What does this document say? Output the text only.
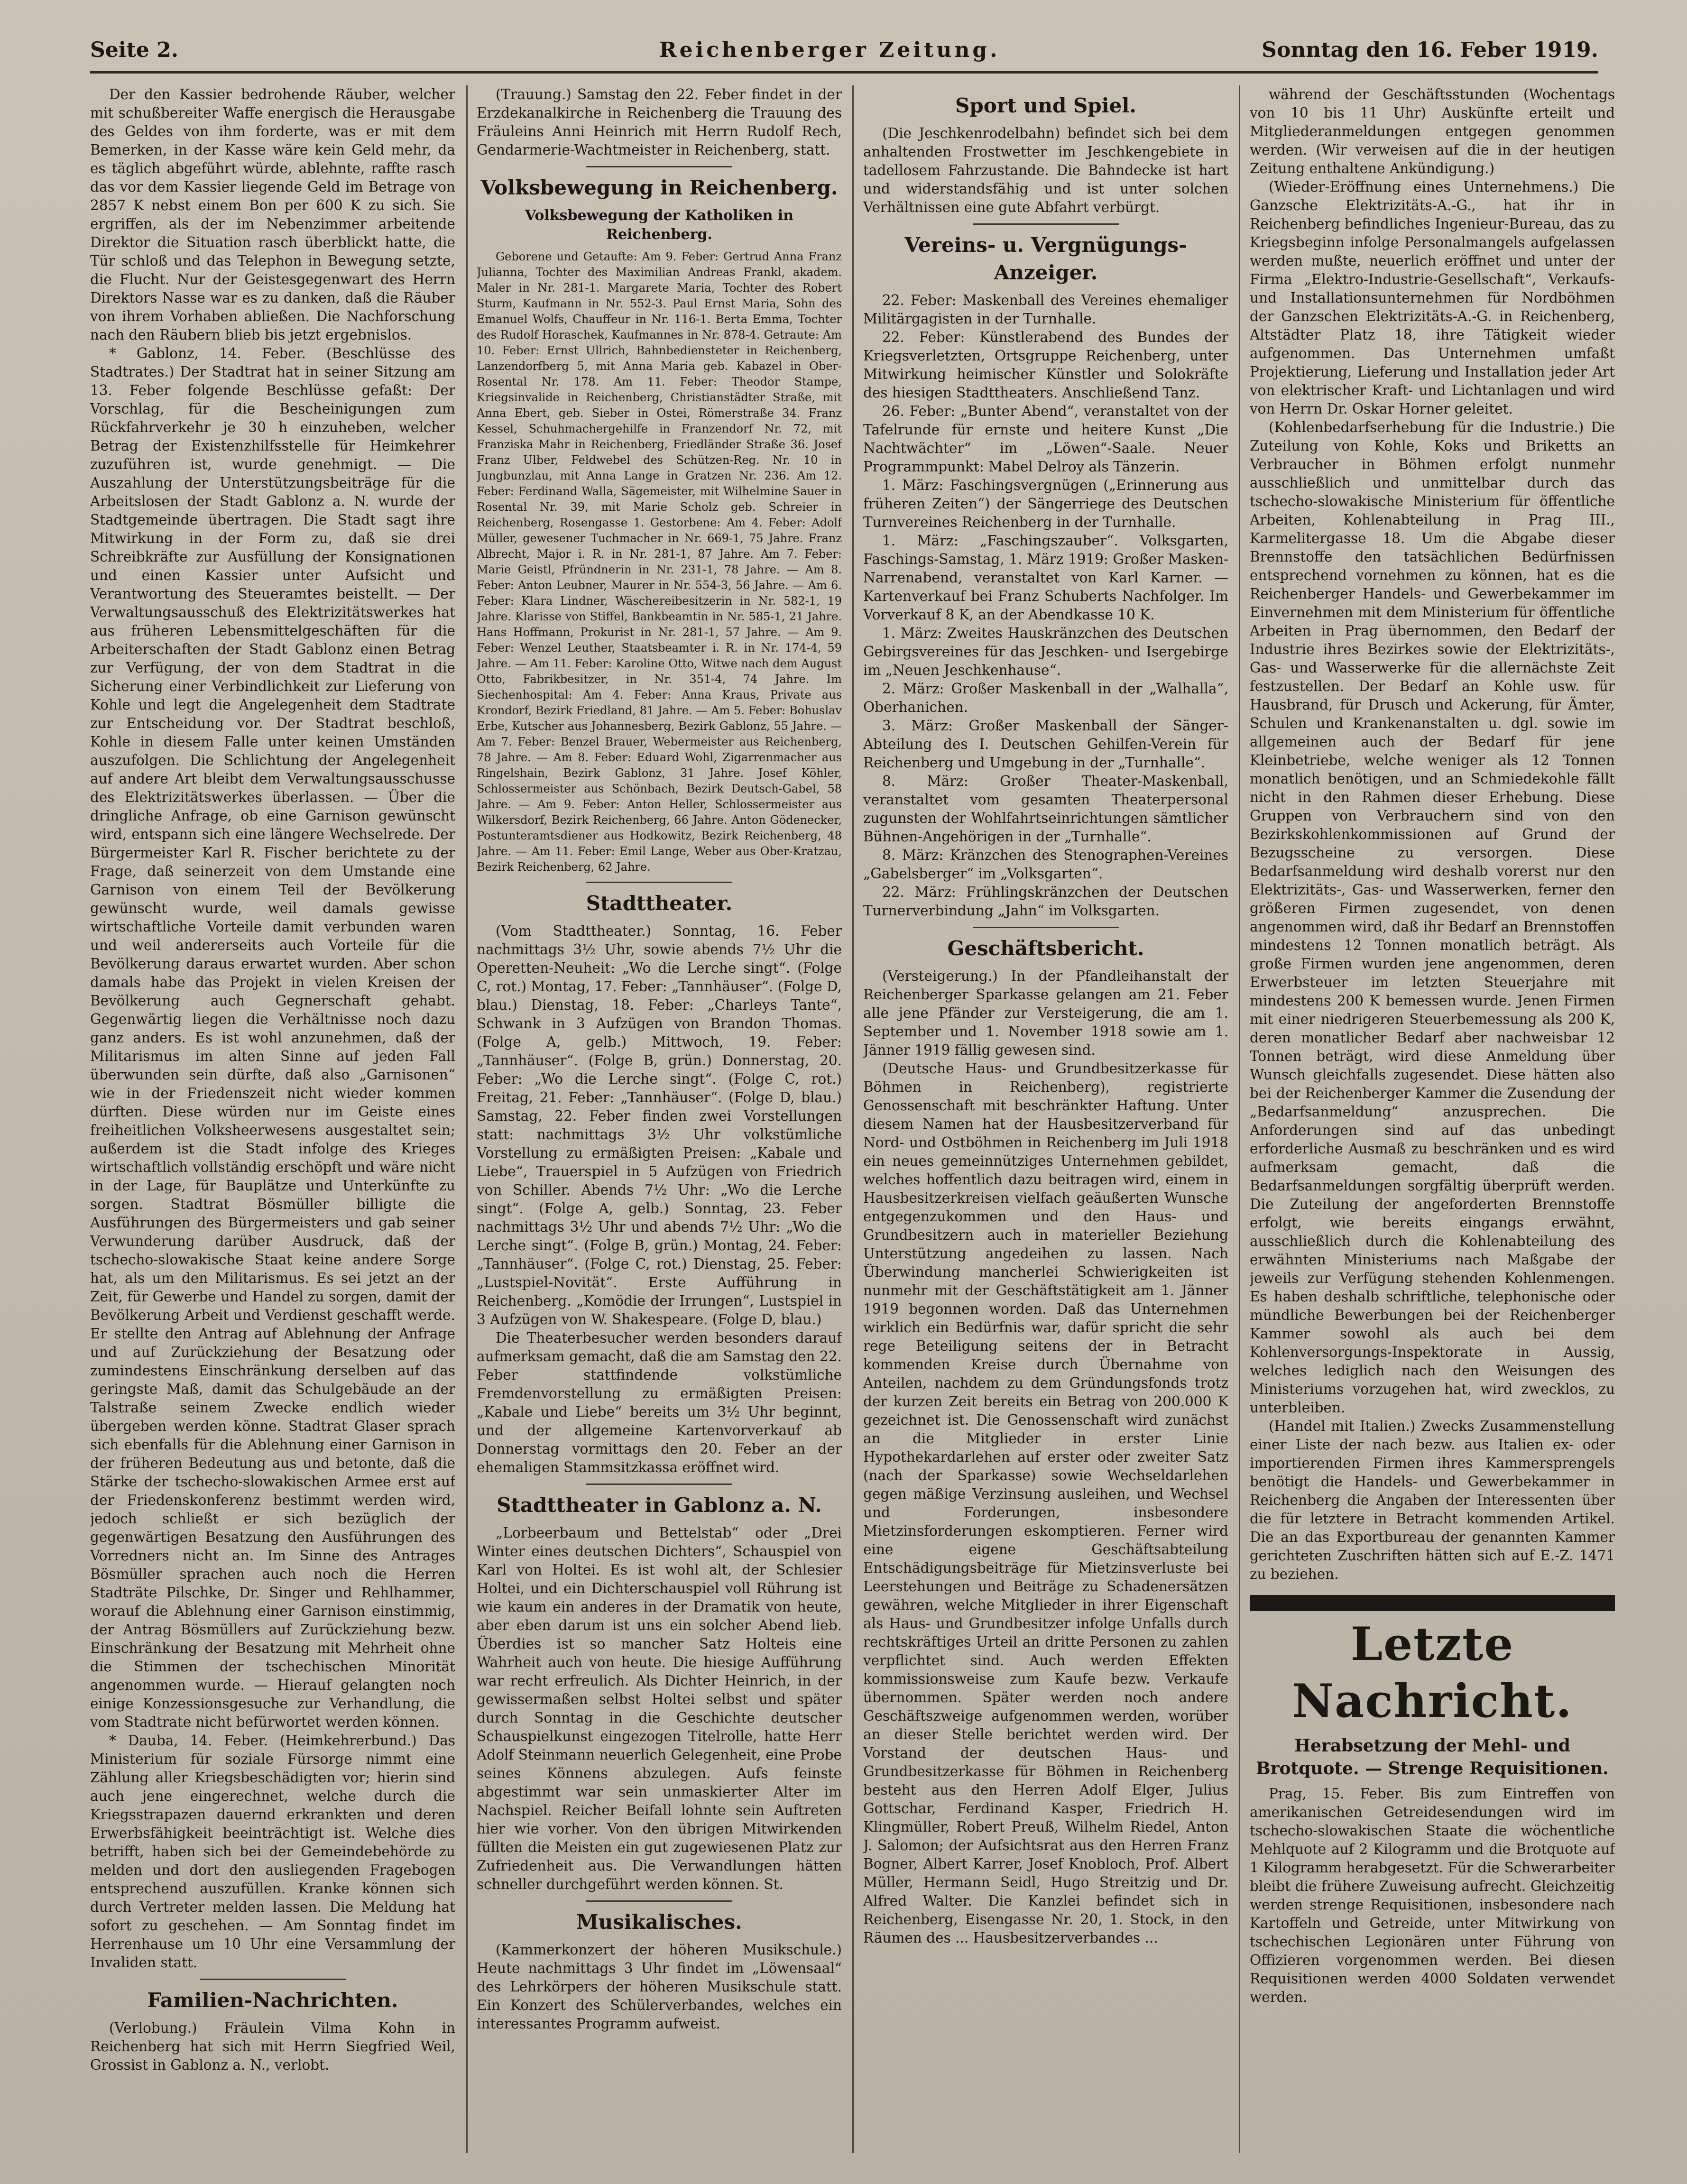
Seite 2.	Reichenberger Zeitung.	Sonntag den 16. Feber 1919.

Der den Kassier bedrohende Räuber, welcher mit schußbereiter Waffe energisch die Herausgabe des Geldes von ihm forderte, was er mit dem Bemerken, in der Kasse wäre kein Geld mehr, da es täglich abgeführt würde, ablehnte, raffte rasch das vor dem Kassier liegende Geld im Betrage von 2857 K nebst einem Bon per 600 K zu sich. Sie ergriffen, als der im Nebenzimmer arbeitende Direktor die Situation rasch überblickt hatte, die Tür schloß und das Telephon in Bewegung setzte, die Flucht. Nur der Geistesgegenwart des Herrn Direktors Nasse war es zu danken, daß die Räuber von ihrem Vorhaben abließen. Die Nachforschung nach den Räubern blieb bis jetzt ergebnislos.

* Gablonz, 14. Feber. (Beschlüsse des Stadtrates.) Der Stadtrat hat in seiner Sitzung am 13. Feber folgende Beschlüsse gefaßt: Der Vorschlag, für die Bescheinigungen zum Rückfahrverkehr je 30 h einzuheben, welcher Betrag der Existenzhilfsstelle für Heimkehrer zuzuführen ist, wurde genehmigt. — Die Auszahlung der Unterstützungsbeiträge für die Arbeitslosen der Stadt Gablonz a. N. wurde der Stadtgemeinde übertragen. Die Stadt sagt ihre Mitwirkung in der Form zu, daß sie drei Schreibkräfte zur Ausfüllung der Konsignationen und einen Kassier unter Aufsicht und Verantwortung des Steueramtes beistellt. — Der Verwaltungsausschuß des Elektrizitätswerkes hat aus früheren Lebensmittelgeschäften für die Arbeiterschaften der Stadt Gablonz einen Betrag zur Verfügung, der von dem Stadtrat in die Sicherung einer Verbindlichkeit zur Lieferung von Kohle und legt die Angelegenheit dem Stadtrate zur Entscheidung vor. Der Stadtrat beschloß, Kohle in diesem Falle unter keinen Umständen auszufolgen. Die Schlichtung der Angelegenheit auf andere Art bleibt dem Verwaltungsausschusse des Elektrizitätswerkes überlassen. — Über die dringliche Anfrage, ob eine Garnison gewünscht wird, entspann sich eine längere Wechselrede. Der Bürgermeister Karl R. Fischer berichtete zu der Frage, daß seinerzeit von dem Umstande eine Garnison von einem Teil der Bevölkerung gewünscht wurde, weil damals gewisse wirtschaftliche Vorteile damit verbunden waren und weil andererseits auch Vorteile für die Bevölkerung daraus erwartet wurden. Aber schon damals habe das Projekt in vielen Kreisen der Bevölkerung auch Gegnerschaft gehabt. Gegenwärtig liegen die Verhältnisse noch dazu ganz anders. Es ist wohl anzunehmen, daß der Militarismus im alten Sinne auf jeden Fall überwunden sein dürfte, daß also „Garnisonen“ wie in der Friedenszeit nicht wieder kommen dürften. Diese würden nur im Geiste eines freiheitlichen Volksheerwesens ausgestaltet sein; außerdem ist die Stadt infolge des Krieges wirtschaftlich vollständig erschöpft und wäre nicht in der Lage, für Bauplätze und Unterkünfte zu sorgen. Stadtrat Bösmüller billigte die Ausführungen des Bürgermeisters und gab seiner Verwunderung darüber Ausdruck, daß der tschecho-slowakische Staat keine andere Sorge hat, als um den Militarismus. Es sei jetzt an der Zeit, für Gewerbe und Handel zu sorgen, damit der Bevölkerung Arbeit und Verdienst geschafft werde. Er stellte den Antrag auf Ablehnung der Anfrage und auf Zurückziehung der Besatzung oder zumindestens Einschränkung derselben auf das geringste Maß, damit das Schulgebäude an der Talstraße seinem Zwecke endlich wieder übergeben werden könne. Stadtrat Glaser sprach sich ebenfalls für die Ablehnung einer Garnison in der früheren Bedeutung aus und betonte, daß die Stärke der tschecho-slowakischen Armee erst auf der Friedenskonferenz bestimmt werden wird, jedoch schließt er sich bezüglich der gegenwärtigen Besatzung den Ausführungen des Vorredners nicht an. Im Sinne des Antrages Bösmüller sprachen auch noch die Herren Stadträte Pilschke, Dr. Singer und Rehlhammer, worauf die Ablehnung einer Garnison einstimmig, der Antrag Bösmüllers auf Zurückziehung bezw. Einschränkung der Besatzung mit Mehrheit ohne die Stimmen der tschechischen Minorität angenommen wurde. — Hierauf gelangten noch einige Konzessionsgesuche zur Verhandlung, die vom Stadtrate nicht befürwortet werden können.

* Dauba, 14. Feber. (Heimkehrerbund.) Das Ministerium für soziale Fürsorge nimmt eine Zählung aller Kriegsbeschädigten vor; hierin sind auch jene eingerechnet, welche durch die Kriegsstrapazen dauernd erkrankten und deren Erwerbsfähigkeit beeinträchtigt ist. Welche dies betrifft, haben sich bei der Gemeindebehörde zu melden und dort den ausliegenden Fragebogen entsprechend auszufüllen. Kranke können sich durch Vertreter melden lassen. Die Meldung hat sofort zu geschehen. — Am Sonntag findet im Herrenhause um 10 Uhr eine Versammlung der Invaliden statt.

Familien-Nachrichten.

(Verlobung.) Fräulein Vilma Kohn in Reichenberg hat sich mit Herrn Siegfried Weil, Grossist in Gablonz a. N., verlobt.

(Trauung.) Samstag den 22. Feber findet in der Erzdekanalkirche in Reichenberg die Trauung des Fräuleins Anni Heinrich mit Herrn Rudolf Rech, Gendarmerie-Wachtmeister in Reichenberg, statt.

Volksbewegung in Reichenberg.
Volksbewegung der Katholiken in Reichenberg.

Geborene und Getaufte: Am 9. Feber: Gertrud Anna Franz Julianna, Tochter des Maximilian Andreas Frankl, akadem. Maler in Nr. 281-1. Margarete Maria, Tochter des Robert Sturm, Kaufmann in Nr. 552-3. Paul Ernst Maria, Sohn des Emanuel Wolfs, Chauffeur in Nr. 116-1. Berta Emma, Tochter des Rudolf Horaschek, Kaufmannes in Nr. 878-4. Getraute: Am 10. Feber: Ernst Ullrich, Bahnbediensteter in Reichenberg, Lanzendorfberg 5, mit Anna Maria geb. Kabazel in Ober-Rosental Nr. 178. Am 11. Feber: Theodor Stampe, Kriegsinvalide in Reichenberg, Christianstädter Straße, mit Anna Ebert, geb. Sieber in Ostei, Römerstraße 34. Franz Kessel, Schuhmachergehilfe in Franzendorf Nr. 72, mit Franziska Mahr in Reichenberg, Friedländer Straße 36. Josef Franz Ulber, Feldwebel des Schützen-Reg. Nr. 10 in Jungbunzlau, mit Anna Lange in Gratzen Nr. 236. Am 12. Feber: Ferdinand Walla, Sägemeister, mit Wilhelmine Sauer in Rosental Nr. 39, mit Marie Scholz geb. Schreier in Reichenberg, Rosengasse 1. Gestorbene: Am 4. Feber: Adolf Müller, gewesener Tuchmacher in Nr. 669-1, 75 Jahre. Franz Albrecht, Major i. R. in Nr. 281-1, 87 Jahre. Am 7. Feber: Marie Geistl, Pfründnerin in Nr. 231-1, 78 Jahre. — Am 8. Feber: Anton Leubner, Maurer in Nr. 554-3, 56 Jahre. — Am 6. Feber: Klara Lindner, Wäschereibesitzerin in Nr. 582-1, 19 Jahre. Klarisse von Stiffel, Bankbeamtin in Nr. 585-1, 21 Jahre. Hans Hoffmann, Prokurist in Nr. 281-1, 57 Jahre. — Am 9. Feber: Wenzel Leuther, Staatsbeamter i. R. in Nr. 174-4, 59 Jahre. — Am 11. Feber: Karoline Otto, Witwe nach dem August Otto, Fabrikbesitzer, in Nr. 351-4, 74 Jahre. Im Siechenhospital: Am 4. Feber: Anna Kraus, Private aus Krondorf, Bezirk Friedland, 81 Jahre. — Am 5. Feber: Bohuslav Erbe, Kutscher aus Johannesberg, Bezirk Gablonz, 55 Jahre. — Am 7. Feber: Benzel Brauer, Webermeister aus Reichenberg, 78 Jahre. — Am 8. Feber: Eduard Wohl, Zigarrenmacher aus Ringelshain, Bezirk Gablonz, 31 Jahre. Josef Köhler, Schlossermeister aus Schönbach, Bezirk Deutsch-Gabel, 58 Jahre. — Am 9. Feber: Anton Heller, Schlossermeister aus Wilkersdorf, Bezirk Reichenberg, 66 Jahre. Anton Gödenecker, Postunteramtsdiener aus Hodkowitz, Bezirk Reichenberg, 48 Jahre. — Am 11. Feber: Emil Lange, Weber aus Ober-Kratzau, Bezirk Reichenberg, 62 Jahre.

Stadttheater.

(Vom Stadttheater.) Sonntag, 16. Feber nachmittags 3½ Uhr, sowie abends 7½ Uhr die Operetten-Neuheit: „Wo die Lerche singt“. (Folge C, rot.) Montag, 17. Feber: „Tannhäuser“. (Folge D, blau.) Dienstag, 18. Feber: „Charleys Tante“, Schwank in 3 Aufzügen von Brandon Thomas. (Folge A, gelb.) Mittwoch, 19. Feber: „Tannhäuser“. (Folge B, grün.) Donnerstag, 20. Feber: „Wo die Lerche singt“. (Folge C, rot.) Freitag, 21. Feber: „Tannhäuser“. (Folge D, blau.) Samstag, 22. Feber finden zwei Vorstellungen statt: nachmittags 3½ Uhr volkstümliche Vorstellung zu ermäßigten Preisen: „Kabale und Liebe“, Trauerspiel in 5 Aufzügen von Friedrich von Schiller. Abends 7½ Uhr: „Wo die Lerche singt“. (Folge A, gelb.) Sonntag, 23. Feber nachmittags 3½ Uhr und abends 7½ Uhr: „Wo die Lerche singt“. (Folge B, grün.) Montag, 24. Feber: „Tannhäuser“. (Folge C, rot.) Dienstag, 25. Feber: „Lustspiel-Novität“. Erste Aufführung in Reichenberg. „Komödie der Irrungen“, Lustspiel in 3 Aufzügen von W. Shakespeare. (Folge D, blau.)

Die Theaterbesucher werden besonders darauf aufmerksam gemacht, daß die am Samstag den 22. Feber stattfindende volkstümliche Fremdenvorstellung zu ermäßigten Preisen: „Kabale und Liebe“ bereits um 3½ Uhr beginnt, und der allgemeine Kartenvorverkauf ab Donnerstag vormittags den 20. Feber an der ehemaligen Stammsitzkassa eröffnet wird.

Stadttheater in Gablonz a. N.

„Lorbeerbaum und Bettelstab“ oder „Drei Winter eines deutschen Dichters“, Schauspiel von Karl von Holtei. Es ist wohl alt, der Schlesier Holtei, und ein Dichterschauspiel voll Rührung ist wie kaum ein anderes in der Dramatik von heute, aber eben darum ist uns ein solcher Abend lieb. Überdies ist so mancher Satz Holteis eine Wahrheit auch von heute. Die hiesige Aufführung war recht erfreulich. Als Dichter Heinrich, in der gewissermaßen selbst Holtei selbst und später durch Sonntag in die Geschichte deutscher Schauspielkunst eingezogen Titelrolle, hatte Herr Adolf Steinmann neuerlich Gelegenheit, eine Probe seines Könnens abzulegen. Aufs feinste abgestimmt war sein unmaskierter Alter im Nachspiel. Reicher Beifall lohnte sein Auftreten hier wie vorher. Von den übrigen Mitwirkenden füllten die Meisten ein gut zugewiesenen Platz zur Zufriedenheit aus. Die Verwandlungen hätten schneller durchgeführt werden können. St.

Musikalisches.

(Kammerkonzert der höheren Musikschule.) Heute nachmittags 3 Uhr findet im „Löwensaal“ des Lehrkörpers der höheren Musikschule statt. Ein Konzert des Schülerverbandes, welches ein interessantes Programm aufweist.

Sport und Spiel.

(Die Jeschkenrodelbahn) befindet sich bei dem anhaltenden Frostwetter im Jeschkengebiete in tadellosem Fahrzustande. Die Bahndecke ist hart und widerstandsfähig und ist unter solchen Verhältnissen eine gute Abfahrt verbürgt.

Vereins- u. Vergnügungs-Anzeiger.

22. Feber: Maskenball des Vereines ehemaliger Militärgagisten in der Turnhalle.

22. Feber: Künstlerabend des Bundes der Kriegsverletzten, Ortsgruppe Reichenberg, unter Mitwirkung heimischer Künstler und Solokräfte des hiesigen Stadttheaters. Anschließend Tanz.

26. Feber: „Bunter Abend“, veranstaltet von der Tafelrunde für ernste und heitere Kunst „Die Nachtwächter“ im „Löwen“-Saale. Neuer Programmpunkt: Mabel Delroy als Tänzerin.

1. März: Faschingsvergnügen („Erinnerung aus früheren Zeiten“) der Sängerriege des Deutschen Turnvereines Reichenberg in der Turnhalle.

1. März: „Faschingszauber“. Volksgarten, Faschings-Samstag, 1. März 1919: Großer Masken-Narrenabend, veranstaltet von Karl Karner. — Kartenverkauf bei Franz Schuberts Nachfolger. Im Vorverkauf 8 K, an der Abendkasse 10 K.

1. März: Zweites Hauskränzchen des Deutschen Gebirgsvereines für das Jeschken- und Isergebirge im „Neuen Jeschkenhause“.

2. März: Großer Maskenball in der „Walhalla“, Oberhanichen.

3. März: Großer Maskenball der Sänger-Abteilung des I. Deutschen Gehilfen-Verein für Reichenberg und Umgebung in der „Turnhalle“.

8. März: Großer Theater-Maskenball, veranstaltet vom gesamten Theaterpersonal zugunsten der Wohlfahrtseinrichtungen sämtlicher Bühnen-Angehörigen in der „Turnhalle“.

8. März: Kränzchen des Stenographen-Vereines „Gabelsberger“ im „Volksgarten“.

22. März: Frühlingskränzchen der Deutschen Turnerverbindung „Jahn“ im Volksgarten.

Geschäftsbericht.

(Versteigerung.) In der Pfandleihanstalt der Reichenberger Sparkasse gelangen am 21. Feber alle jene Pfänder zur Versteigerung, die am 1. September und 1. November 1918 sowie am 1. Jänner 1919 fällig gewesen sind.

(Deutsche Haus- und Grundbesitzerkasse für Böhmen in Reichenberg), registrierte Genossenschaft mit beschränkter Haftung. Unter diesem Namen hat der Hausbesitzerverband für Nord- und Ostböhmen in Reichenberg im Juli 1918 ein neues gemeinnütziges Unternehmen gebildet, welches hoffentlich dazu beitragen wird, einem in Hausbesitzerkreisen vielfach geäußerten Wunsche entgegenzukommen und den Haus- und Grundbesitzern auch in materieller Beziehung Unterstützung angedeihen zu lassen. Nach Überwindung mancherlei Schwierigkeiten ist nunmehr mit der Geschäftstätigkeit am 1. Jänner 1919 begonnen worden. Daß das Unternehmen wirklich ein Bedürfnis war, dafür spricht die sehr rege Beteiligung seitens der in Betracht kommenden Kreise durch Übernahme von Anteilen, nachdem zu dem Gründungsfonds trotz der kurzen Zeit bereits ein Betrag von 200.000 K gezeichnet ist. Die Genossenschaft wird zunächst an die Mitglieder in erster Linie Hypothekardarlehen auf erster oder zweiter Satz (nach der Sparkasse) sowie Wechseldarlehen gegen mäßige Verzinsung ausleihen, und Wechsel und Forderungen, insbesondere Mietzinsforderungen eskomptieren. Ferner wird eine eigene Geschäftsabteilung Entschädigungsbeiträge für Mietzinsverluste bei Leerstehungen und Beiträge zu Schadenersätzen gewähren, welche Mitglieder in ihrer Eigenschaft als Haus- und Grundbesitzer infolge Unfalls durch rechtskräftiges Urteil an dritte Personen zu zahlen verpflichtet sind. Auch werden Effekten kommissionsweise zum Kaufe bezw. Verkaufe übernommen. Später werden noch andere Geschäftszweige aufgenommen werden, worüber an dieser Stelle berichtet werden wird. Der Vorstand der deutschen Haus- und Grundbesitzerkasse für Böhmen in Reichenberg besteht aus den Herren Adolf Elger, Julius Gottschar, Ferdinand Kasper, Friedrich H. Klingmüller, Robert Preuß, Wilhelm Riedel, Anton J. Salomon; der Aufsichtsrat aus den Herren Franz Bogner, Albert Karrer, Josef Knobloch, Prof. Albert Müller, Hermann Seidl, Hugo Streitzig und Dr. Alfred Walter. Die Kanzlei befindet sich in Reichenberg, Eisengasse Nr. 20, 1. Stock, in den Räumen des ... Hausbesitzerverbandes ...

während der Geschäftsstunden (Wochentags von 10 bis 11 Uhr) Auskünfte erteilt und Mitgliederanmeldungen entgegen genommen werden. (Wir verweisen auf die in der heutigen Zeitung enthaltene Ankündigung.)

(Wieder-Eröffnung eines Unternehmens.) Die Ganzsche Elektrizitäts-A.-G., hat ihr in Reichenberg befindliches Ingenieur-Bureau, das zu Kriegsbeginn infolge Personalmangels aufgelassen werden mußte, neuerlich eröffnet und unter der Firma „Elektro-Industrie-Gesellschaft“, Verkaufs- und Installationsunternehmen für Nordböhmen der Ganzschen Elektrizitäts-A.-G. in Reichenberg, Altstädter Platz 18, ihre Tätigkeit wieder aufgenommen. Das Unternehmen umfaßt Projektierung, Lieferung und Installation jeder Art von elektrischer Kraft- und Lichtanlagen und wird von Herrn Dr. Oskar Horner geleitet.

(Kohlenbedarfserhebung für die Industrie.) Die Zuteilung von Kohle, Koks und Briketts an Verbraucher in Böhmen erfolgt nunmehr ausschließlich und unmittelbar durch das tschecho-slowakische Ministerium für öffentliche Arbeiten, Kohlenabteilung in Prag III., Karmelitergasse 18. Um die Abgabe dieser Brennstoffe den tatsächlichen Bedürfnissen entsprechend vornehmen zu können, hat es die Reichenberger Handels- und Gewerbekammer im Einvernehmen mit dem Ministerium für öffentliche Arbeiten in Prag übernommen, den Bedarf der Industrie ihres Bezirkes sowie der Elektrizitäts-, Gas- und Wasserwerke für die allernächste Zeit festzustellen. Der Bedarf an Kohle usw. für Hausbrand, für Drusch und Ackerung, für Ämter, Schulen und Krankenanstalten u. dgl. sowie im allgemeinen auch der Bedarf für jene Kleinbetriebe, welche weniger als 12 Tonnen monatlich benötigen, und an Schmiedekohle fällt nicht in den Rahmen dieser Erhebung. Diese Gruppen von Verbrauchern sind von den Bezirkskohlenkommissionen auf Grund der Bezugsscheine zu versorgen. Diese Bedarfsanmeldung wird deshalb vorerst nur den Elektrizitäts-, Gas- und Wasserwerken, ferner den größeren Firmen zugesendet, von denen angenommen wird, daß ihr Bedarf an Brennstoffen mindestens 12 Tonnen monatlich beträgt. Als große Firmen wurden jene angenommen, deren Erwerbsteuer im letzten Steuerjahre mit mindestens 200 K bemessen wurde. Jenen Firmen mit einer niedrigeren Steuerbemessung als 200 K, deren monatlicher Bedarf aber nachweisbar 12 Tonnen beträgt, wird diese Anmeldung über Wunsch gleichfalls zugesendet. Diese hätten also bei der Reichenberger Kammer die Zusendung der „Bedarfsanmeldung“ anzusprechen. Die Anforderungen sind auf das unbedingt erforderliche Ausmaß zu beschränken und es wird aufmerksam gemacht, daß die Bedarfsanmeldungen sorgfältig überprüft werden. Die Zuteilung der angeforderten Brennstoffe erfolgt, wie bereits eingangs erwähnt, ausschließlich durch die Kohlenabteilung des erwähnten Ministeriums nach Maßgabe der jeweils zur Verfügung stehenden Kohlenmengen. Es haben deshalb schriftliche, telephonische oder mündliche Bewerbungen bei der Reichenberger Kammer sowohl als auch bei dem Kohlenversorgungs-Inspektorate in Aussig, welches lediglich nach den Weisungen des Ministeriums vorzugehen hat, wird zwecklos, zu unterbleiben.

(Handel mit Italien.) Zwecks Zusammenstellung einer Liste der nach bezw. aus Italien ex- oder importierenden Firmen ihres Kammersprengels benötigt die Handels- und Gewerbekammer in Reichenberg die Angaben der Interessenten über die für letztere in Betracht kommenden Artikel. Die an das Exportbureau der genannten Kammer gerichteten Zuschriften hätten sich auf E.-Z. 1471 zu beziehen.

Letzte Nachricht.
Herabsetzung der Mehl- und Brotquote. — Strenge Requisitionen.

Prag, 15. Feber. Bis zum Eintreffen von amerikanischen Getreidesendungen wird im tschecho-slowakischen Staate die wöchentliche Mehlquote auf 2 Kilogramm und die Brotquote auf 1 Kilogramm herabgesetzt. Für die Schwerarbeiter bleibt die frühere Zuweisung aufrecht. Gleichzeitig werden strenge Requisitionen, insbesondere nach Kartoffeln und Getreide, unter Mitwirkung von tschechischen Legionären unter Führung von Offizieren vorgenommen werden. Bei diesen Requisitionen werden 4000 Soldaten verwendet werden.
